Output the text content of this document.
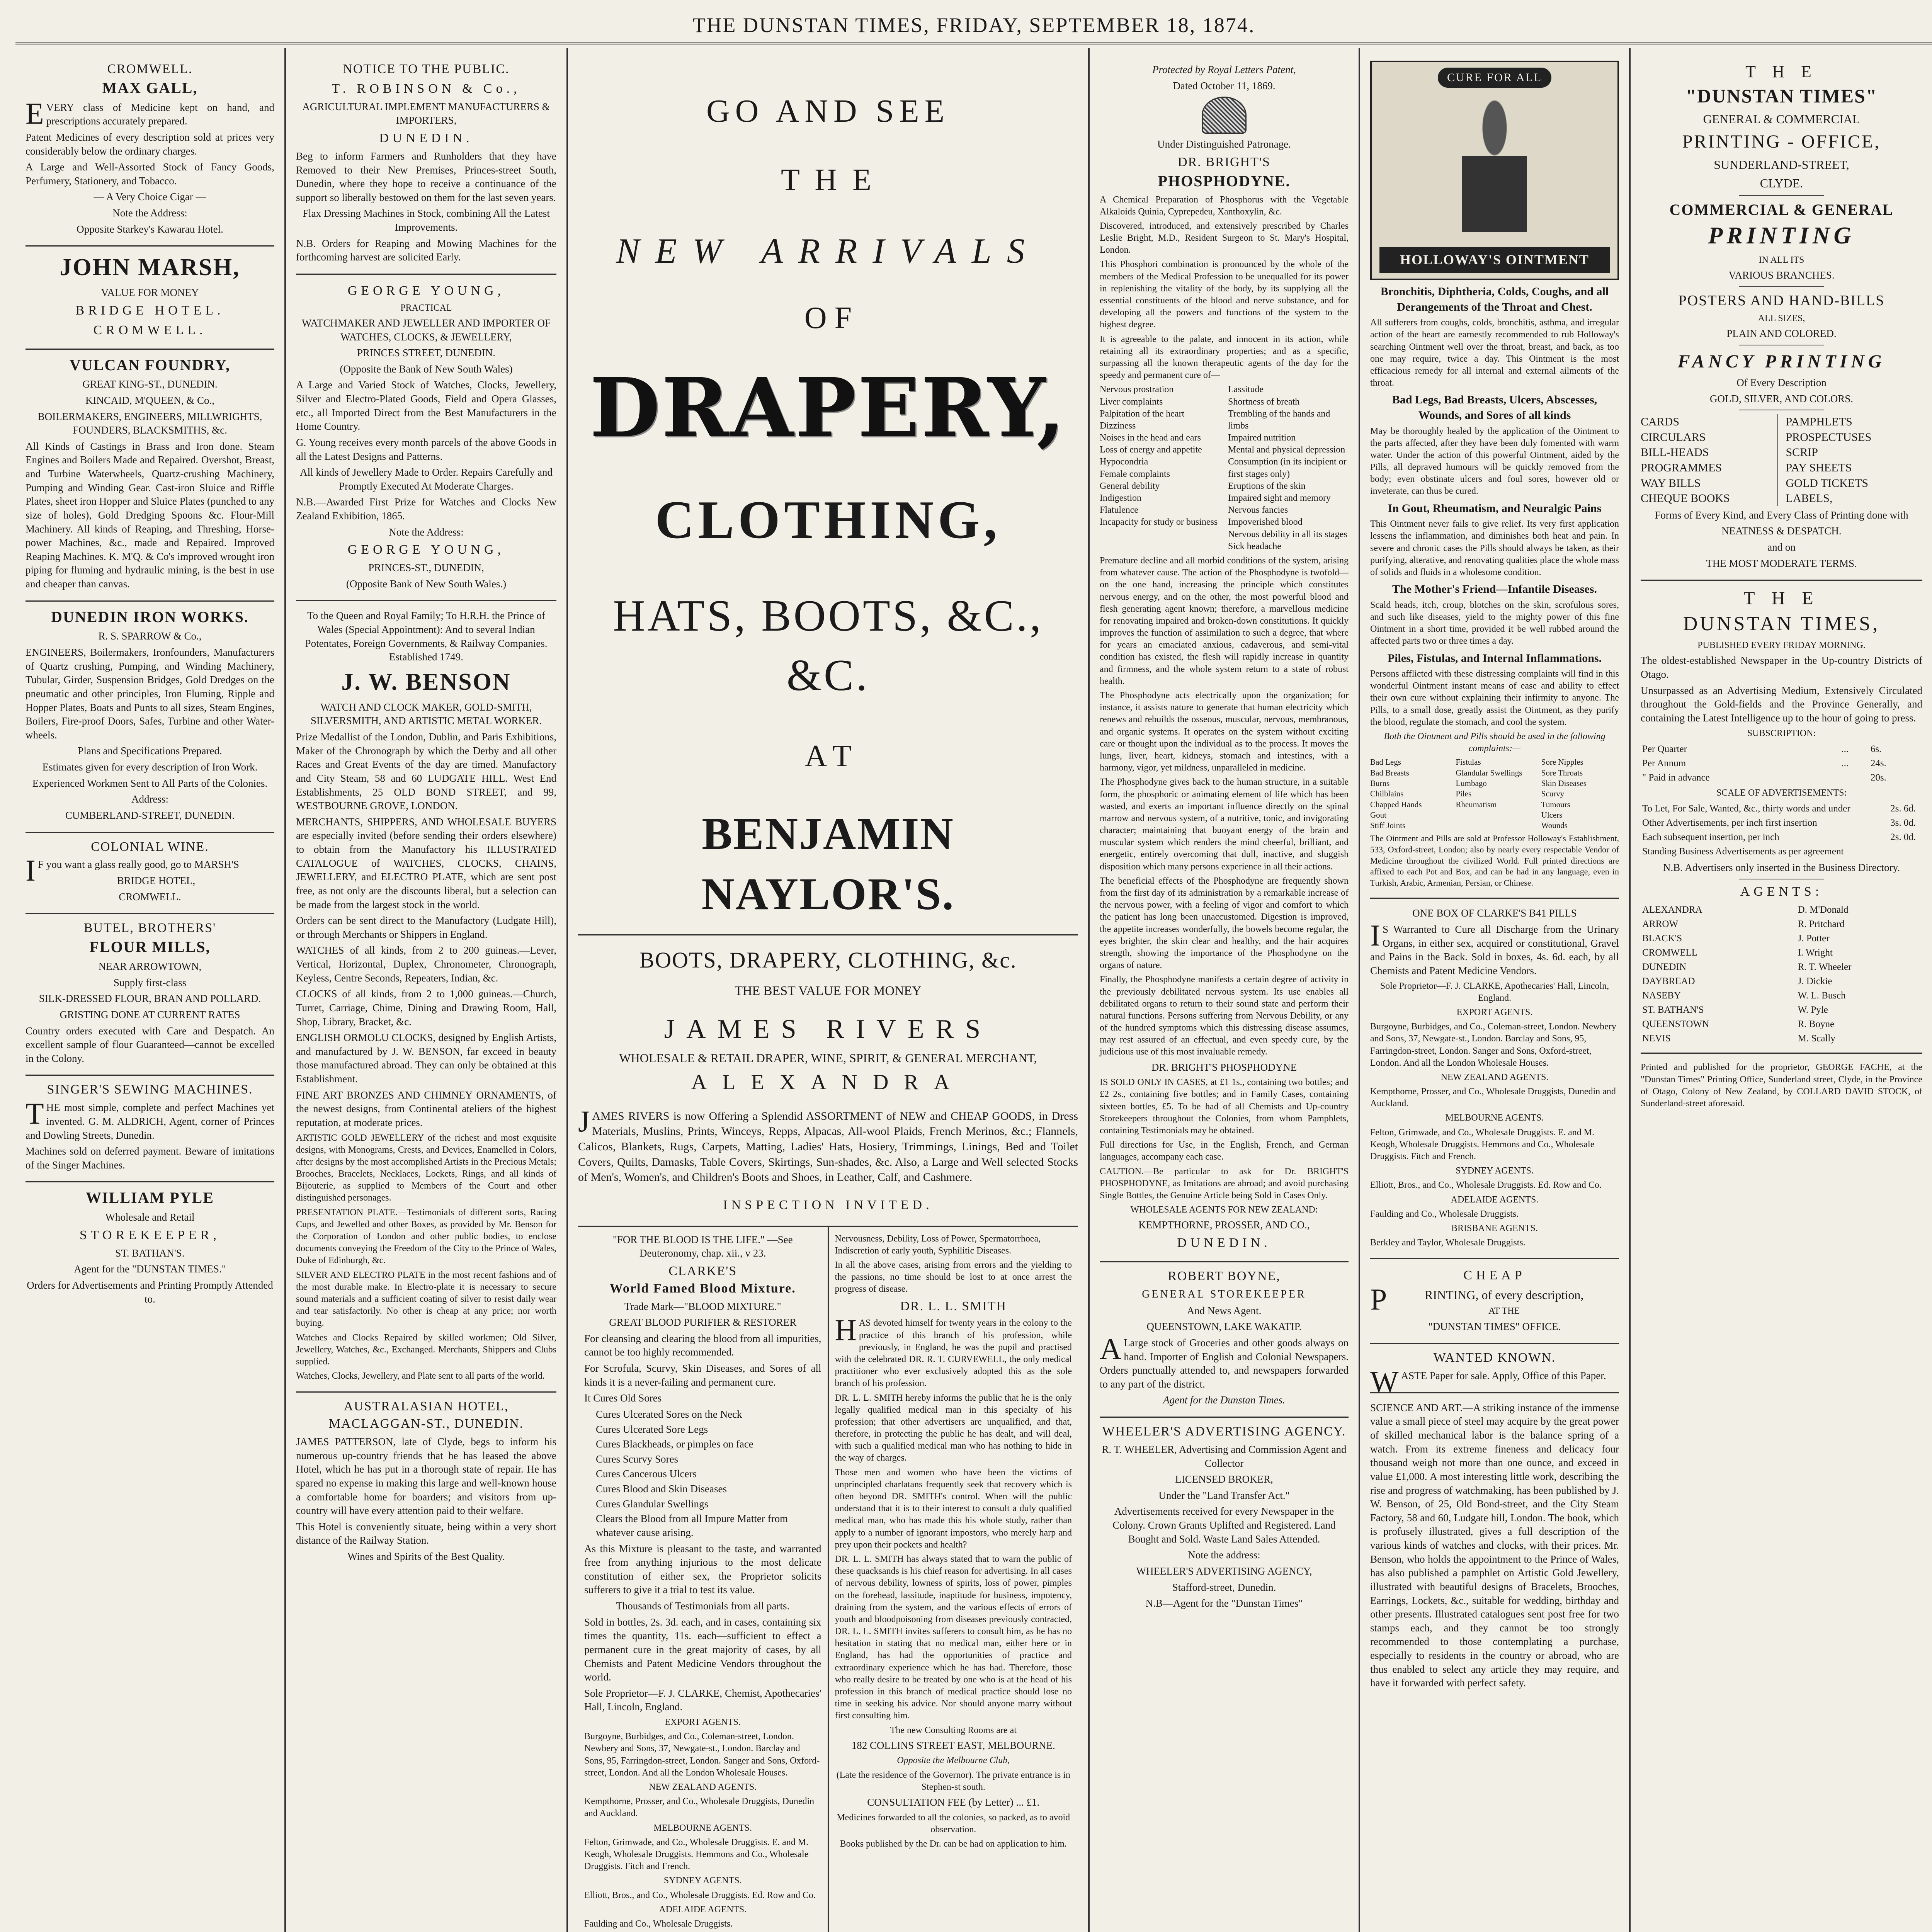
THE DUNSTAN TIMES, FRIDAY, SEPTEMBER 18, 1874.
CROMWELL.
MAX GALL,

EVERY class of Medicine kept on hand, and prescriptions accurately prepared.

Patent Medicines of every description sold at prices very considerably below the ordinary charges.

A Large and Well-Assorted Stock of Fancy Goods, Perfumery, Stationery, and Tobacco.

— A Very Choice Cigar —

Note the Address:

Opposite Starkey's Kawarau Hotel.

JOHN MARSH,

VALUE FOR MONEY

BRIDGE HOTEL.

CROMWELL.

VULCAN FOUNDRY,

GREAT KING-ST., DUNEDIN.

KINCAID, M'QUEEN, & Co.,

BOILERMAKERS, ENGINEERS, MILLWRIGHTS, FOUNDERS, BLACKSMITHS, &c.

All Kinds of Castings in Brass and Iron done. Steam Engines and Boilers Made and Repaired. Overshot, Breast, and Turbine Waterwheels, Quartz-crushing Machinery, Pumping and Winding Gear. Cast-iron Sluice and Riffle Plates, sheet iron Hopper and Sluice Plates (punched to any size of holes), Gold Dredging Spoons &c. Flour-Mill Machinery. All kinds of Reaping, and Threshing, Horse-power Machines, &c., made and Repaired. Improved Reaping Machines. K. M'Q. & Co's improved wrought iron piping for fluming and hydraulic mining, is the best in use and cheaper than canvas.

DUNEDIN IRON WORKS.

R. S. SPARROW & Co.,

ENGINEERS, Boilermakers, Ironfounders, Manufacturers of Quartz crushing, Pumping, and Winding Machinery, Tubular, Girder, Suspension Bridges, Gold Dredges on the pneumatic and other principles, Iron Fluming, Ripple and Hopper Plates, Boats and Punts to all sizes, Steam Engines, Boilers, Fire-proof Doors, Safes, Turbine and other Water-wheels.

Plans and Specifications Prepared.

Estimates given for every description of Iron Work.

Experienced Workmen Sent to All Parts of the Colonies.

Address:

CUMBERLAND-STREET, DUNEDIN.

COLONIAL WINE.

IF you want a glass really good, go to MARSH'S

BRIDGE HOTEL,

CROMWELL.

BUTEL, BROTHERS'
FLOUR MILLS,

NEAR ARROWTOWN,

Supply first-class

SILK-DRESSED FLOUR, BRAN AND POLLARD.

GRISTING DONE AT CURRENT RATES

Country orders executed with Care and Despatch. An excellent sample of flour Guaranteed—cannot be excelled in the Colony.

SINGER'S SEWING MACHINES.

THE most simple, complete and perfect Machines yet invented. G. M. ALDRICH, Agent, corner of Princes and Dowling Streets, Dunedin.

Machines sold on deferred payment. Beware of imitations of the Singer Machines.

WILLIAM PYLE

Wholesale and Retail

STOREKEEPER,

ST. BATHAN'S.

Agent for the "DUNSTAN TIMES."

Orders for Advertisements and Printing Promptly Attended to.

NOTICE TO THE PUBLIC.

T. ROBINSON & Co.,

AGRICULTURAL IMPLEMENT MANUFACTURERS & IMPORTERS,

DUNEDIN.

Beg to inform Farmers and Runholders that they have Removed to their New Premises, Princes-street South, Dunedin, where they hope to receive a continuance of the support so liberally bestowed on them for the last seven years.

Flax Dressing Machines in Stock, combining All the Latest Improvements.

N.B. Orders for Reaping and Mowing Machines for the forthcoming harvest are solicited Early.

GEORGE YOUNG,

PRACTICAL

WATCHMAKER AND JEWELLER AND IMPORTER OF WATCHES, CLOCKS, & JEWELLERY,

PRINCES STREET, DUNEDIN.

(Opposite the Bank of New South Wales)

A Large and Varied Stock of Watches, Clocks, Jewellery, Silver and Electro-Plated Goods, Field and Opera Glasses, etc., all Imported Direct from the Best Manufacturers in the Home Country.

G. Young receives every month parcels of the above Goods in all the Latest Designs and Patterns.

All kinds of Jewellery Made to Order. Repairs Carefully and Promptly Executed At Moderate Charges.

N.B.—Awarded First Prize for Watches and Clocks New Zealand Exhibition, 1865.

Note the Address:

GEORGE YOUNG,

PRINCES-ST., DUNEDIN,

(Opposite Bank of New South Wales.)

To the Queen and Royal Family; To H.R.H. the Prince of Wales (Special Appointment): And to several Indian Potentates, Foreign Governments, & Railway Companies. Established 1749.

J. W. BENSON

WATCH AND CLOCK MAKER, GOLD-SMITH, SILVERSMITH, AND ARTISTIC METAL WORKER.

Prize Medallist of the London, Dublin, and Paris Exhibitions, Maker of the Chronograph by which the Derby and all other Races and Great Events of the day are timed. Manufactory and City Steam, 58 and 60 LUDGATE HILL. West End Establishments, 25 OLD BOND STREET, and 99, WESTBOURNE GROVE, LONDON.

MERCHANTS, SHIPPERS, AND WHOLESALE BUYERS are especially invited (before sending their orders elsewhere) to obtain from the Manufactory his ILLUSTRATED CATALOGUE of WATCHES, CLOCKS, CHAINS, JEWELLERY, and ELECTRO PLATE, which are sent post free, as not only are the discounts liberal, but a selection can be made from the largest stock in the world.

Orders can be sent direct to the Manufactory (Ludgate Hill), or through Merchants or Shippers in England.

WATCHES of all kinds, from 2 to 200 guineas.—Lever, Vertical, Horizontal, Duplex, Chronometer, Chronograph, Keyless, Centre Seconds, Repeaters, Indian, &c.

CLOCKS of all kinds, from 2 to 1,000 guineas.—Church, Turret, Carriage, Chime, Dining and Drawing Room, Hall, Shop, Library, Bracket, &c.

ENGLISH ORMOLU CLOCKS, designed by English Artists, and manufactured by J. W. BENSON, far exceed in beauty those manufactured abroad. They can only be obtained at this Establishment.

FINE ART BRONZES AND CHIMNEY ORNAMENTS, of the newest designs, from Continental ateliers of the highest reputation, at moderate prices.

ARTISTIC GOLD JEWELLERY of the richest and most exquisite designs, with Monograms, Crests, and Devices, Enamelled in Colors, after designs by the most accomplished Artists in the Precious Metals; Brooches, Bracelets, Necklaces, Lockets, Rings, and all kinds of Bijouterie, as supplied to Members of the Court and other distinguished personages.

PRESENTATION PLATE.—Testimonials of different sorts, Racing Cups, and Jewelled and other Boxes, as provided by Mr. Benson for the Corporation of London and other public bodies, to enclose documents conveying the Freedom of the City to the Prince of Wales, Duke of Edinburgh, &c.

SILVER AND ELECTRO PLATE in the most recent fashions and of the most durable make. In Electro-plate it is necessary to secure sound materials and a sufficient coating of silver to resist daily wear and tear satisfactorily. No other is cheap at any price; nor worth buying.

Watches and Clocks Repaired by skilled workmen; Old Silver, Jewellery, Watches, &c., Exchanged. Merchants, Shippers and Clubs supplied.

Watches, Clocks, Jewellery, and Plate sent to all parts of the world.

AUSTRALASIAN HOTEL, MACLAGGAN-ST., DUNEDIN.

JAMES PATTERSON, late of Clyde, begs to inform his numerous up-country friends that he has leased the above Hotel, which he has put in a thorough state of repair. He has spared no expense in making this large and well-known house a comfortable home for boarders; and visitors from up-country will have every attention paid to their welfare.

This Hotel is conveniently situate, being within a very short distance of the Railway Station.

Wines and Spirits of the Best Quality.

GO AND SEE
T H E
NEW ARRIVALS
O F
DRAPERY,
CLOTHING,
HATS, BOOTS, &C., &C.
A T
BENJAMIN NAYLOR'S.
BOOTS, DRAPERY, CLOTHING, &c.

THE BEST VALUE FOR MONEY

JAMES RIVERS

WHOLESALE & RETAIL DRAPER, WINE, SPIRIT, & GENERAL MERCHANT,

ALEXANDRA

JAMES RIVERS is now Offering a Splendid ASSORTMENT of NEW and CHEAP GOODS, in Dress Materials, Muslins, Prints, Winceys, Repps, Alpacas, All-wool Plaids, French Merinos, &c.; Flannels, Calicos, Blankets, Rugs, Carpets, Matting, Ladies' Hats, Hosiery, Trimmings, Linings, Bed and Toilet Covers, Quilts, Damasks, Table Covers, Skirtings, Sun-shades, &c. Also, a Large and Well selected Stocks of Men's, Women's, and Children's Boots and Shoes, in Leather, Calf, and Cashmere.

INSPECTION INVITED.

"FOR THE BLOOD IS THE LIFE." —See Deuteronomy, chap. xii., v 23.

CLARKE'S
World Famed Blood Mixture.

Trade Mark—"BLOOD MIXTURE."

GREAT BLOOD PURIFIER & RESTORER

For cleansing and clearing the blood from all impurities, cannot be too highly recommended.

For Scrofula, Scurvy, Skin Diseases, and Sores of all kinds it is a never-failing and permanent cure.

It Cures Old Sores

Cures Ulcerated Sores on the Neck
Cures Ulcerated Sore Legs
Cures Blackheads, or pimples on face
Cures Scurvy Sores
Cures Cancerous Ulcers
Cures Blood and Skin Diseases
Cures Glandular Swellings
Clears the Blood from all Impure Matter from whatever cause arising.

As this Mixture is pleasant to the taste, and warranted free from anything injurious to the most delicate constitution of either sex, the Proprietor solicits sufferers to give it a trial to test its value.

Thousands of Testimonials from all parts.

Sold in bottles, 2s. 3d. each, and in cases, containing six times the quantity, 11s. each—sufficient to effect a permanent cure in the great majority of cases, by all Chemists and Patent Medicine Vendors throughout the world.

Sole Proprietor—F. J. CLARKE, Chemist, Apothecaries' Hall, Lincoln, England.

EXPORT AGENTS.

Burgoyne, Burbidges, and Co., Coleman-street, London. Newbery and Sons, 37, Newgate-st., London. Barclay and Sons, 95, Farringdon-street, London. Sanger and Sons, Oxford-street, London. And all the London Wholesale Houses.

NEW ZEALAND AGENTS.

Kempthorne, Prosser, and Co., Wholesale Druggists, Dunedin and Auckland.

MELBOURNE AGENTS.

Felton, Grimwade, and Co., Wholesale Druggists. E. and M. Keogh, Wholesale Druggists. Hemmons and Co., Wholesale Druggists. Fitch and French.

SYDNEY AGENTS.

Elliott, Bros., and Co., Wholesale Druggists. Ed. Row and Co.

ADELAIDE AGENTS.

Faulding and Co., Wholesale Druggists.

Nervousness, Debility, Loss of Power, Spermatorrhoea, Indiscretion of early youth, Syphilitic Diseases.

In all the above cases, arising from errors and the yielding to the passions, no time should be lost to at once arrest the progress of disease.

DR. L. L. SMITH

HAS devoted himself for twenty years in the colony to the practice of this branch of his profession, while previously, in England, he was the pupil and practised with the celebrated DR. R. T. CURVEWELL, the only medical practitioner who ever exclusively adopted this as the sole branch of his profession.

DR. L. L. SMITH hereby informs the public that he is the only legally qualified medical man in this specialty of his profession; that other advertisers are unqualified, and that, therefore, in protecting the public he has dealt, and will deal, with such a qualified medical man who has nothing to hide in the way of charges.

Those men and women who have been the victims of unprincipled charlatans frequently seek that recovery which is often beyond DR. SMITH's control. When will the public understand that it is to their interest to consult a duly qualified medical man, who has made this his whole study, rather than apply to a number of ignorant impostors, who merely harp and prey upon their pockets and health?

DR. L. L. SMITH has always stated that to warn the public of these quacksands is his chief reason for advertising. In all cases of nervous debility, lowness of spirits, loss of power, pimples on the forehead, lassitude, inaptitude for business, impotency, draining from the system, and the various effects of errors of youth and bloodpoisoning from diseases previously contracted, DR. L. L. SMITH invites sufferers to consult him, as he has no hesitation in stating that no medical man, either here or in England, has had the opportunities of practice and extraordinary experience which he has had. Therefore, those who really desire to be treated by one who is at the head of his profession in this branch of medical practice should lose no time in seeking his advice. Nor should anyone marry without first consulting him.

The new Consulting Rooms are at

182 COLLINS STREET EAST, MELBOURNE.

Opposite the Melbourne Club,

(Late the residence of the Governor). The private entrance is in Stephen-st south.

CONSULTATION FEE (by Letter) ... £1.

Medicines forwarded to all the colonies, so packed, as to avoid observation.

Books published by the Dr. can be had on application to him.

Protected by Royal Letters Patent,

Dated October 11, 1869.

Under Distinguished Patronage.

DR. BRIGHT'S
PHOSPHODYNE.

A Chemical Preparation of Phosphorus with the Vegetable Alkaloids Quinia, Cyprepedeu, Xanthoxylin, &c.

Discovered, introduced, and extensively prescribed by Charles Leslie Bright, M.D., Resident Surgeon to St. Mary's Hospital, London.

This Phosphori combination is pronounced by the whole of the members of the Medical Profession to be unequalled for its power in replenishing the vitality of the body, by its supplying all the essential constituents of the blood and nerve substance, and for developing all the powers and functions of the system to the highest degree.

It is agreeable to the palate, and innocent in its action, while retaining all its extraordinary properties; and as a specific, surpassing all the known therapeutic agents of the day for the speedy and permanent cure of—

Nervous prostration
Liver complaints
Palpitation of the heart
Dizziness
Noises in the head and ears
Loss of energy and appetite
Hypocondria
Female complaints
General debility
Indigestion
Flatulence
Incapacity for study or business
Lassitude
Shortness of breath
Trembling of the hands and limbs
Impaired nutrition
Mental and physical depression
Consumption (in its incipient or first stages only)
Eruptions of the skin
Impaired sight and memory
Nervous fancies
Impoverished blood
Nervous debility in all its stages
Sick headache

Premature decline and all morbid conditions of the system, arising from whatever cause. The action of the Phosphodyne is twofold—on the one hand, increasing the principle which constitutes nervous energy, and on the other, the most powerful blood and flesh generating agent known; therefore, a marvellous medicine for renovating impaired and broken-down constitutions. It quickly improves the function of assimilation to such a degree, that where for years an emaciated anxious, cadaverous, and semi-vital condition has existed, the flesh will rapidly increase in quantity and firmness, and the whole system return to a state of robust health.

The Phosphodyne acts electrically upon the organization; for instance, it assists nature to generate that human electricity which renews and rebuilds the osseous, muscular, nervous, membranous, and organic systems. It operates on the system without exciting care or thought upon the individual as to the process. It moves the lungs, liver, heart, kidneys, stomach and intestines, with a harmony, vigor, yet mildness, unparalleled in medicine.

The Phosphodyne gives back to the human structure, in a suitable form, the phosphoric or animating element of life which has been wasted, and exerts an important influence directly on the spinal marrow and nervous system, of a nutritive, tonic, and invigorating character; maintaining that buoyant energy of the brain and muscular system which renders the mind cheerful, brilliant, and energetic, entirely overcoming that dull, inactive, and sluggish disposition which many persons experience in all their actions.

The beneficial effects of the Phosphodyne are frequently shown from the first day of its administration by a remarkable increase of the nervous power, with a feeling of vigor and comfort to which the patient has long been unaccustomed. Digestion is improved, the appetite increases wonderfully, the bowels become regular, the eyes brighter, the skin clear and healthy, and the hair acquires strength, showing the importance of the Phosphodyne on the organs of nature.

Finally, the Phosphodyne manifests a certain degree of activity in the previously debilitated nervous system. Its use enables all debilitated organs to return to their sound state and perform their natural functions. Persons suffering from Nervous Debility, or any of the hundred symptoms which this distressing disease assumes, may rest assured of an effectual, and even speedy cure, by the judicious use of this most invaluable remedy.

DR. BRIGHT'S PHOSPHODYNE

IS SOLD ONLY IN CASES, at £1 1s., containing two bottles; and £2 2s., containing five bottles; and in Family Cases, containing sixteen bottles, £5. To be had of all Chemists and Up-country Storekeepers throughout the Colonies, from whom Pamphlets, containing Testimonials may be obtained.

Full directions for Use, in the English, French, and German languages, accompany each case.

CAUTION.—Be particular to ask for Dr. BRIGHT'S PHOSPHODYNE, as Imitations are abroad; and avoid purchasing Single Bottles, the Genuine Article being Sold in Cases Only.

WHOLESALE AGENTS FOR NEW ZEALAND:

KEMPTHORNE, PROSSER, AND CO.,

DUNEDIN.

ROBERT BOYNE,

GENERAL STOREKEEPER

And News Agent.

QUEENSTOWN, LAKE WAKATIP.

ALarge stock of Groceries and other goods always on hand. Importer of English and Colonial Newspapers. Orders punctually attended to, and newspapers forwarded to any part of the district.

Agent for the Dunstan Times.

WHEELER'S ADVERTISING AGENCY.

R. T. WHEELER, Advertising and Commission Agent and Collector

LICENSED BROKER,

Under the "Land Transfer Act."

Advertisements received for every Newspaper in the Colony. Crown Grants Uplifted and Registered. Land Bought and Sold. Waste Land Sales Attended.

Note the address:

WHEELER'S ADVERTISING AGENCY,

Stafford-street, Dunedin.

N.B—Agent for the "Dunstan Times"

CURE FOR ALL
HOLLOWAY'S OINTMENT
Bronchitis, Diphtheria, Colds, Coughs, and all Derangements of the Throat and Chest.

All sufferers from coughs, colds, bronchitis, asthma, and irregular action of the heart are earnestly recommended to rub Holloway's searching Ointment well over the throat, breast, and back, as too one may require, twice a day. This Ointment is the most efficacious remedy for all internal and external ailments of the throat.

Bad Legs, Bad Breasts, Ulcers, Abscesses, Wounds, and Sores of all kinds

May be thoroughly healed by the application of the Ointment to the parts affected, after they have been duly fomented with warm water. Under the action of this powerful Ointment, aided by the Pills, all depraved humours will be quickly removed from the body; even obstinate ulcers and foul sores, however old or inveterate, can thus be cured.

In Gout, Rheumatism, and Neuralgic Pains

This Ointment never fails to give relief. Its very first application lessens the inflammation, and diminishes both heat and pain. In severe and chronic cases the Pills should always be taken, as their purifying, alterative, and renovating qualities place the whole mass of solids and fluids in a wholesome condition.

The Mother's Friend—Infantile Diseases.

Scald heads, itch, croup, blotches on the skin, scrofulous sores, and such like diseases, yield to the mighty power of this fine Ointment in a short time, provided it be well rubbed around the affected parts two or three times a day.

Piles, Fistulas, and Internal Inflammations.

Persons afflicted with these distressing complaints will find in this wonderful Ointment instant means of ease and ability to effect their own cure without explaining their infirmity to anyone. The Pills, to a small dose, greatly assist the Ointment, as they purify the blood, regulate the stomach, and cool the system.

Both the Ointment and Pills should be used in the following complaints:—

Bad Legs
Bad Breasts
Burns
Chilblains
Chapped Hands
Gout
Stiff Joints
Fistulas
Glandular Swellings
Lumbago
Piles
Rheumatism
Sore Nipples
Sore Throats
Skin Diseases
Scurvy
Tumours
Ulcers
Wounds

The Ointment and Pills are sold at Professor Holloway's Establishment, 533, Oxford-street, London; also by nearly every respectable Vendor of Medicine throughout the civilized World. Full printed directions are affixed to each Pot and Box, and can be had in any language, even in Turkish, Arabic, Armenian, Persian, or Chinese.

ONE BOX OF CLARKE'S B41 PILLS

IS Warranted to Cure all Discharge from the Urinary Organs, in either sex, acquired or constitutional, Gravel and Pains in the Back. Sold in boxes, 4s. 6d. each, by all Chemists and Patent Medicine Vendors.

Sole Proprietor—F. J. CLARKE, Apothecaries' Hall, Lincoln, England.

EXPORT AGENTS.

Burgoyne, Burbidges, and Co., Coleman-street, London. Newbery and Sons, 37, Newgate-st., London. Barclay and Sons, 95, Farringdon-street, London. Sanger and Sons, Oxford-street, London. And all the London Wholesale Houses.

NEW ZEALAND AGENTS.

Kempthorne, Prosser, and Co., Wholesale Druggists, Dunedin and Auckland.

MELBOURNE AGENTS.

Felton, Grimwade, and Co., Wholesale Druggists. E. and M. Keogh, Wholesale Druggists. Hemmons and Co., Wholesale Druggists. Fitch and French.

SYDNEY AGENTS.

Elliott, Bros., and Co., Wholesale Druggists. Ed. Row and Co.

ADELAIDE AGENTS.

Faulding and Co., Wholesale Druggists.

BRISBANE AGENTS.

Berkley and Taylor, Wholesale Druggists.

CHEAP

PRINTING, of every description,

AT THE

"DUNSTAN TIMES" OFFICE.

WANTED KNOWN.

WASTE Paper for sale. Apply, Office of this Paper.

SCIENCE AND ART.—A striking instance of the immense value a small piece of steel may acquire by the great power of skilled mechanical labor is the balance spring of a watch. From its extreme fineness and delicacy four thousand weigh not more than one ounce, and exceed in value £1,000. A most interesting little work, describing the rise and progress of watchmaking, has been published by J. W. Benson, of 25, Old Bond-street, and the City Steam Factory, 58 and 60, Ludgate hill, London. The book, which is profusely illustrated, gives a full description of the various kinds of watches and clocks, with their prices. Mr. Benson, who holds the appointment to the Prince of Wales, has also published a pamphlet on Artistic Gold Jewellery, illustrated with beautiful designs of Bracelets, Brooches, Earrings, Lockets, &c., suitable for wedding, birthday and other presents. Illustrated catalogues sent post free for two stamps each, and they cannot be too strongly recommended to those contemplating a purchase, especially to residents in the country or abroad, who are thus enabled to select any article they may require, and have it forwarded with perfect safety.

T H E
"DUNSTAN TIMES"

GENERAL & COMMERCIAL

PRINTING - OFFICE,

SUNDERLAND-STREET,

CLYDE.

COMMERCIAL & GENERAL
PRINTING

IN ALL ITS

VARIOUS BRANCHES.

POSTERS AND HAND-BILLS

ALL SIZES,

PLAIN AND COLORED.

FANCY PRINTING

Of Every Description

GOLD, SILVER, AND COLORS.

CARDS
CIRCULARS
BILL-HEADS
PROGRAMMES
WAY BILLS
CHEQUE BOOKS
PAMPHLETS
PROSPECTUSES
SCRIP
PAY SHEETS
GOLD TICKETS
LABELS,

Forms of Every Kind, and Every Class of Printing done with

NEATNESS & DESPATCH.

and on

THE MOST MODERATE TERMS.

T H E
DUNSTAN TIMES,

PUBLISHED EVERY FRIDAY MORNING.

The oldest-established Newspaper in the Up-country Districts of Otago.

Unsurpassed as an Advertising Medium, Extensively Circulated throughout the Gold-fields and the Province Generally, and containing the Latest Intelligence up to the hour of going to press.

SUBSCRIPTION:

Per Quarter	...	6s.
Per Annum	...	24s.
" Paid in advance		20s.

SCALE OF ADVERTISEMENTS:

To Let, For Sale, Wanted, &c., thirty words and under	2s. 6d.
Other Advertisements, per inch first insertion	3s. 0d.
Each subsequent insertion, per inch	2s. 0d.
Standing Business Advertisements as per agreement	

N.B. Advertisers only inserted in the Business Directory.

AGENTS:

ALEXANDRA	D. M'Donald
ARROW	R. Pritchard
BLACK'S	J. Potter
CROMWELL	I. Wright
DUNEDIN	R. T. Wheeler
DAYBREAD	J. Dickie
NASEBY	W. L. Busch
ST. BATHAN'S	W. Pyle
QUEENSTOWN	R. Boyne
NEVIS	M. Scally

Printed and published for the proprietor, GEORGE FACHE, at the "Dunstan Times" Printing Office, Sunderland street, Clyde, in the Province of Otago, Colony of New Zealand, by COLLARD DAVID STOCK, of Sunderland-street aforesaid.
